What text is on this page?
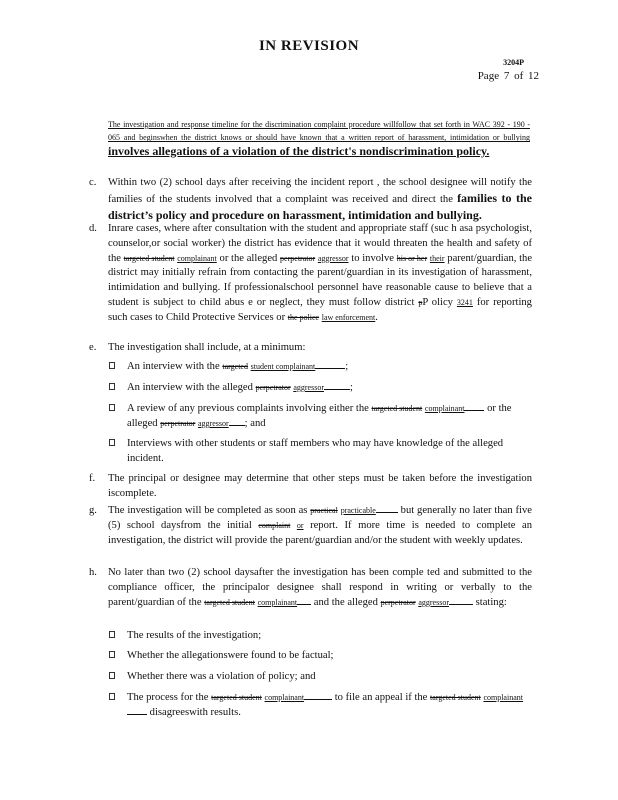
IN REVISION
3204P
Page 7 of 12
The investigation and response timeline for the discrimination complaint procedure willfollow that set forth in WAC 392 - 190 - 065 and beginswhen the district knows or should have known that a written report of harassment, intimidation or bullying involves allegations of a violation of the district's nondiscrimination policy.
c. Within two (2) school days after receiving the incident report , the school designee will notify the families of the students involved that a complaint was received and direct the families to the district’s policy and procedure on harassment, intimidation and bullying.
d. Inrare cases, where after consultation with the student and appropriate staff (suc h asa psychologist, counselor,or social worker) the district has evidence that it would threaten the health and safety of the targeted student complainant or the alleged perpetrator aggressor to involve his or her their parent/guardian, the district may initially refrain from contacting the parent/guardian in its investigation of harassment, intimidation and bullying. If professionalschool personnel have reasonable cause to believe that a student is subject to child abus e or neglect, they must follow district pP olicy 3241 for reporting such cases to Child Protective Services or the police law enforcement.
e. The investigation shall include, at a minimum:
An interview with the targeted student complainant	;
An interview with the alleged perpetrator aggressor ;
A review of any previous complaints involving either the targeted student complainant or the alleged perpetrator aggressor ; and
Interviews with other students or staff members who may have knowledge of the alleged incident.
f. The principal or designee may determine that other steps must be taken before the investigation iscomplete.
g. The investigation will be completed as soon as practical practicable but generally no later than five (5) school daysfrom the initial complaint or report. If more time is needed to complete an investigation, the district will provide the parent/guardian and/or the student with weekly updates.
h. No later than two (2) school daysafter the investigation has been comple ted and submitted to the compliance officer, the principalor designee shall respond in writing or verbally to the parent/guardian of the targeted student complainant and the alleged perpetrator aggressor	stating:
The results of the investigation;
Whether the allegationswere found to be factual;
Whether there was a violation of policy; and
The process for the targeted student complainant	to file an appeal if the targeted student complainant disagreeswith results.
